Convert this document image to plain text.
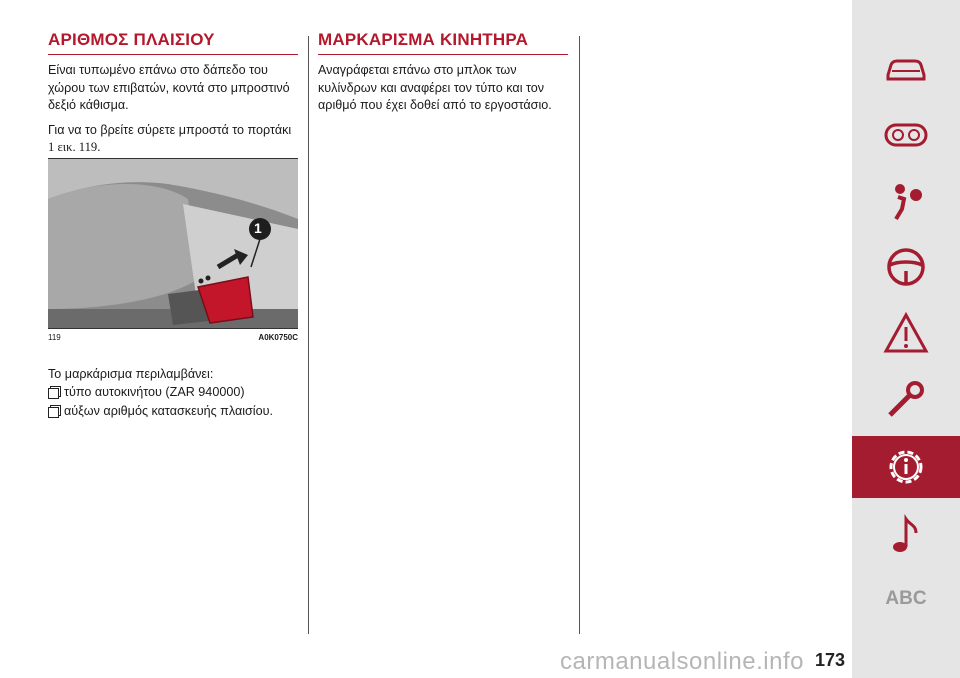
ΑΡΙΘΜΟΣ ΠΛΑΙΣΙΟΥ

Είναι τυπωμένο επάνω στο δάπεδο του χώρου των επιβατών, κοντά στο μπροστινό δεξιό κάθισμα.

Για να το βρείτε σύρετε μπροστά το πορτάκι 1 εικ. 119.

1
119	A0K0750C

Το μαρκάρισμα περιλαμβάνει:

τύπο αυτοκινήτου (ZAR 940000)

αύξων αριθμός κατασκευής πλαισίου.

ΜΑΡΚΑΡΙΣΜΑ ΚΙΝΗΤΗΡΑ

Αναγράφεται επάνω στο μπλοκ των κυλίνδρων και αναφέρει τον τύπο και τον αριθμό που έχει δοθεί από το εργοστάσιο.

ABC
carmanualsonline.info 173
